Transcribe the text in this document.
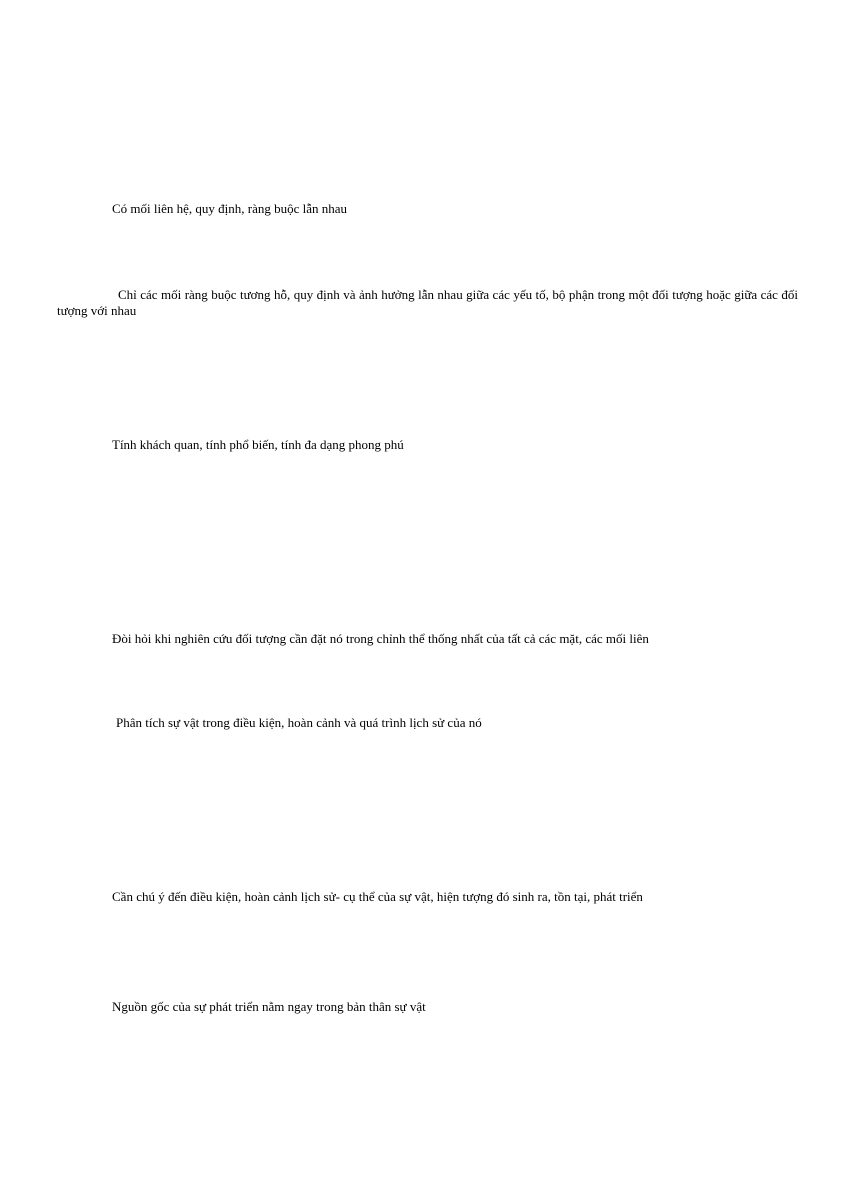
Có mối liên hệ, quy định, ràng buộc lẫn nhau
Chỉ các mối ràng buộc tương hỗ, quy định và ảnh hưởng lẫn nhau giữa các yếu tố, bộ phận trong một đối tượng hoặc giữa các đối tượng với nhau
Tính khách quan, tính phổ biến, tính đa dạng phong phú
Đòi hỏi khi nghiên cứu đối tượng cần đặt nó trong chỉnh thể thống nhất của tất cả các mặt, các mối liên
Phân tích sự vật trong điều kiện, hoàn cảnh và quá trình lịch sử của nó
Cần chú ý đến điều kiện, hoàn cảnh lịch sử- cụ thể của sự vật, hiện tượng đó sinh ra, tồn tại, phát triển
Nguồn gốc của sự phát triển nằm ngay trong bản thân sự vật
